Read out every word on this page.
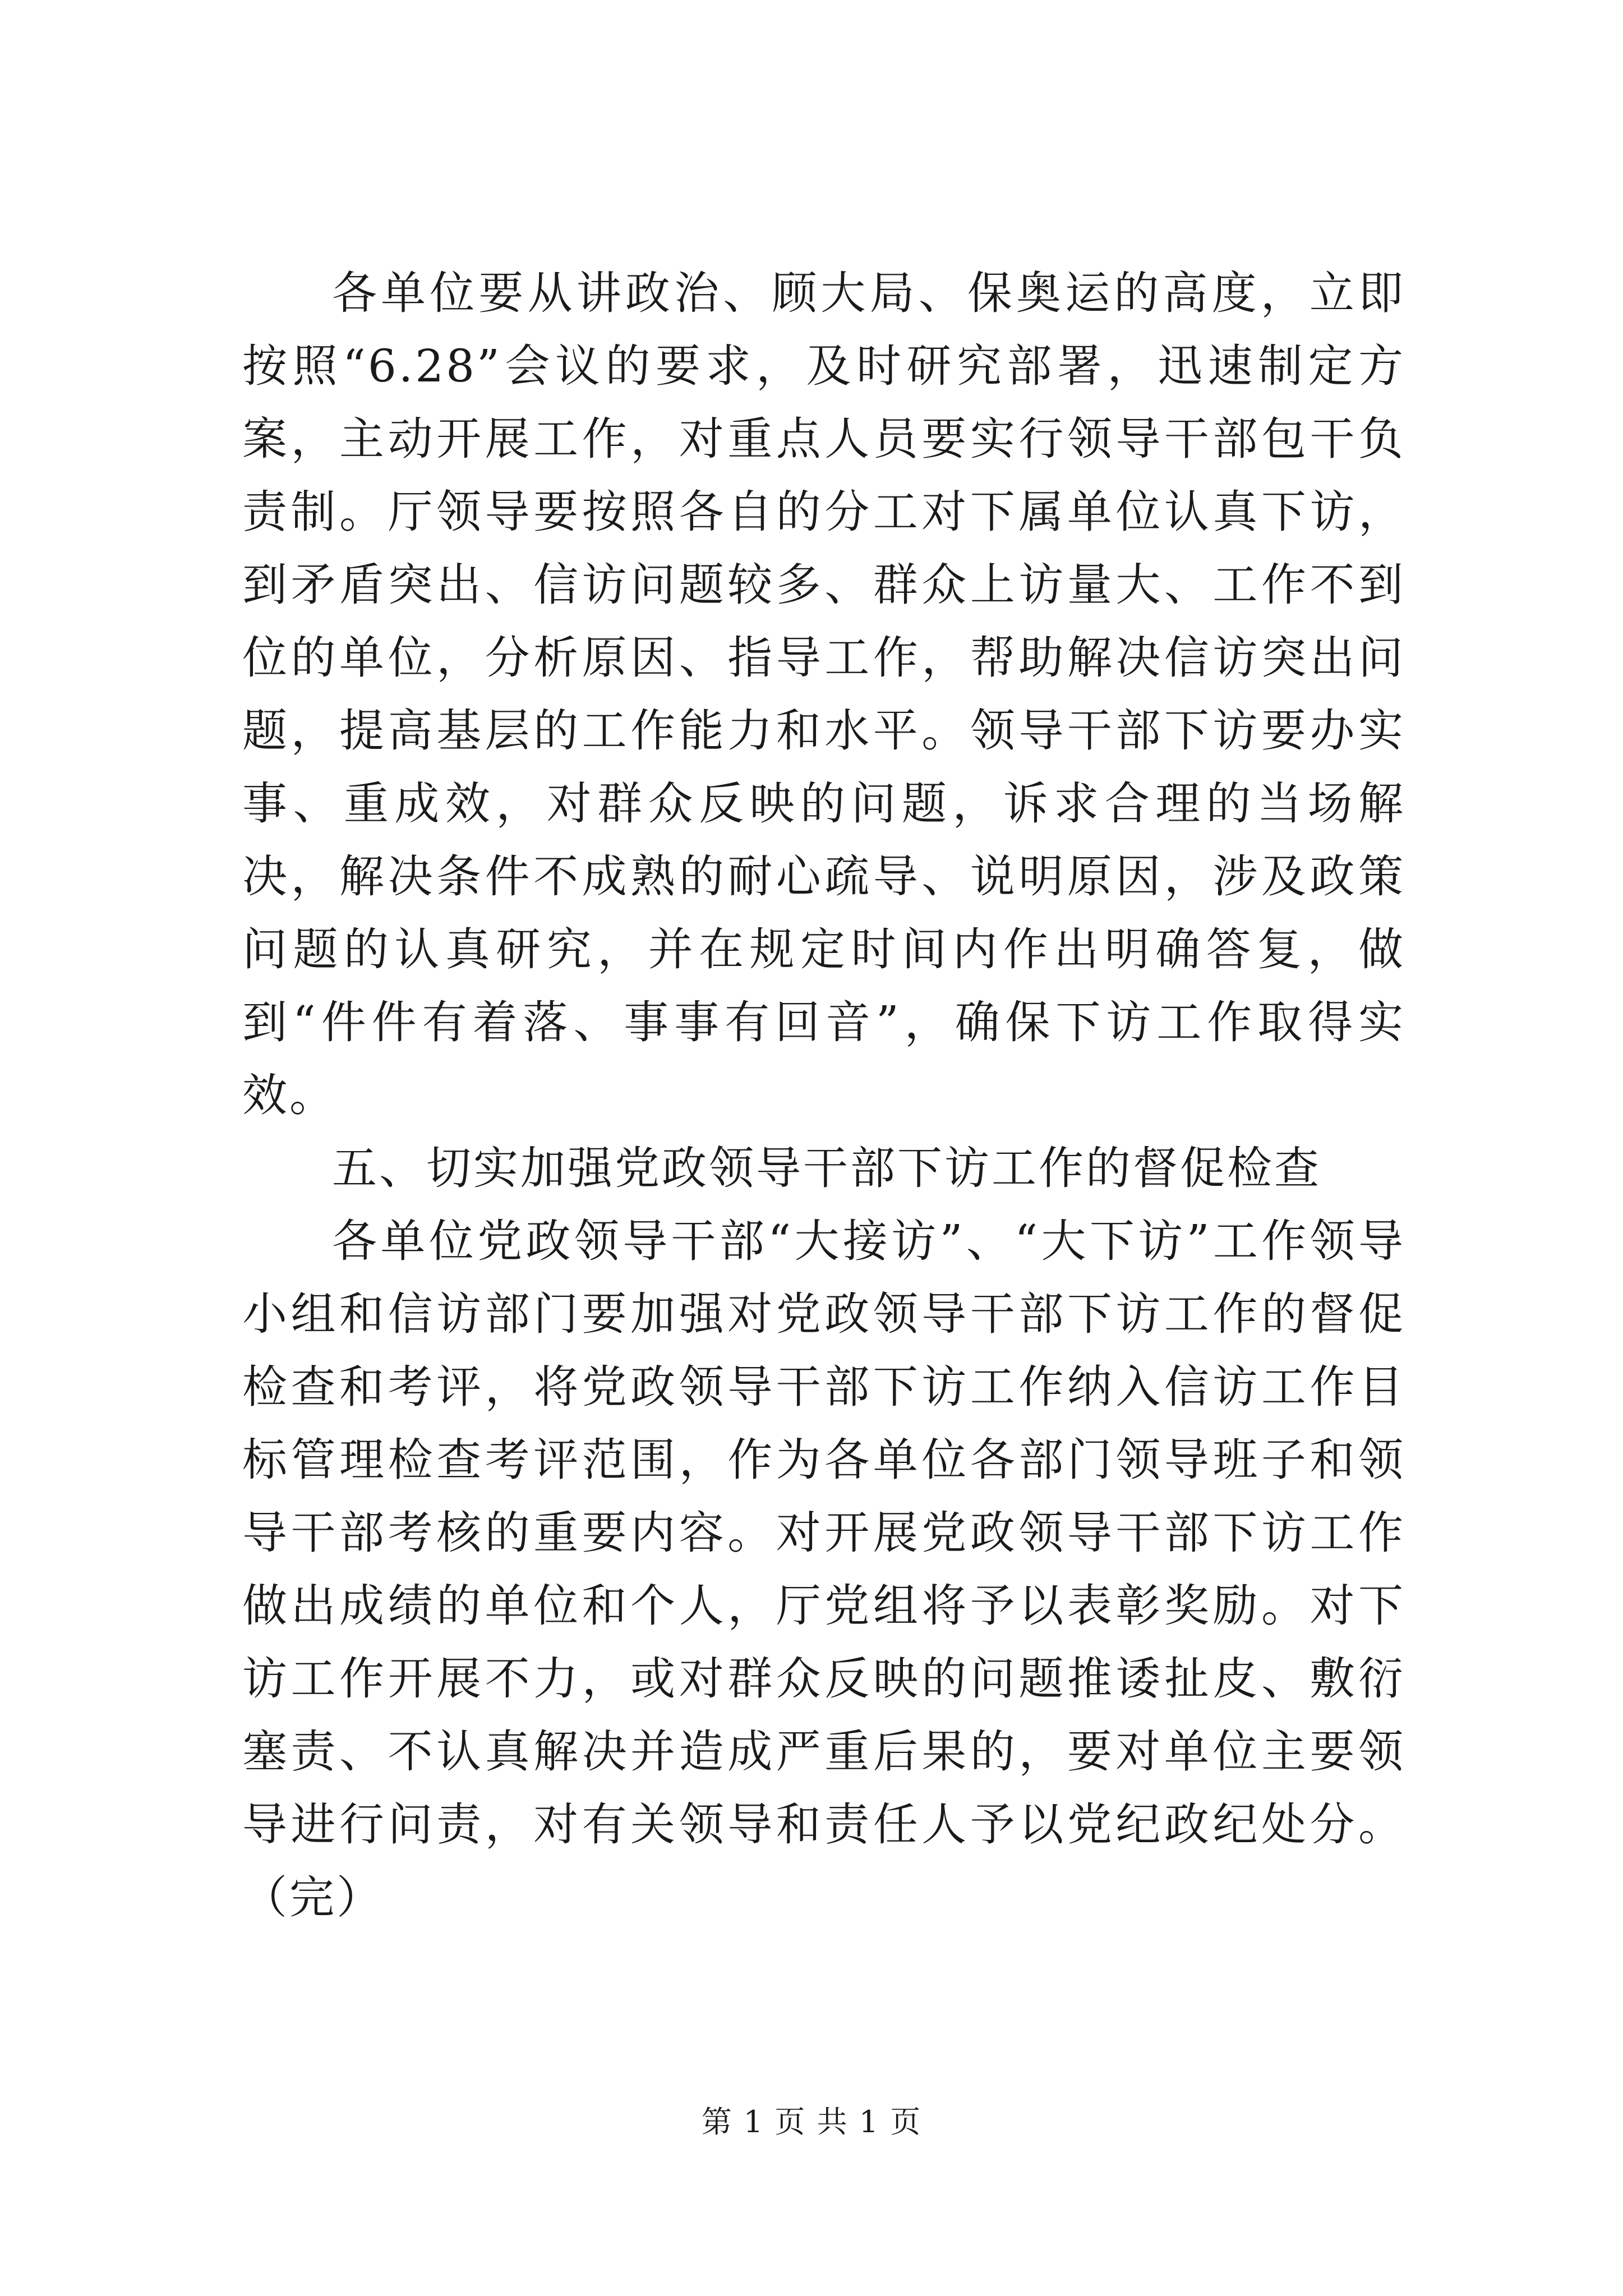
各单位要从讲政治、顾大局、保奥运的高度，立即按照“6.28”会议的要求，及时研究部署，迅速制定方案，主动开展工作，对重点人员要实行领导干部包干负责制。厅领导要按照各自的分工对下属单位认真下访，到矛盾突出、信访问题较多、群众上访量大、工作不到位的单位，分析原因、指导工作，帮助解决信访突出问题，提高基层的工作能力和水平。领导干部下访要办实事、重成效，对群众反映的问题，诉求合理的当场解决，解决条件不成熟的耐心疏导、说明原因，涉及政策问题的认真研究，并在规定时间内作出明确答复，做到“件件有着落、事事有回音”，确保下访工作取得实效。

五、切实加强党政领导干部下访工作的督促检查

各单位党政领导干部“大接访”、“大下访”工作领导小组和信访部门要加强对党政领导干部下访工作的督促检查和考评，将党政领导干部下访工作纳入信访工作目标管理检查考评范围，作为各单位各部门领导班子和领导干部考核的重要内容。对开展党政领导干部下访工作做出成绩的单位和个人，厅党组将予以表彰奖励。对下访工作开展不力，或对群众反映的问题推诿扯皮、敷衍塞责、不认真解决并造成严重后果的，要对单位主要领导进行问责，对有关领导和责任人予以党纪政纪处分。（完）

第 1 页 共 1 页
